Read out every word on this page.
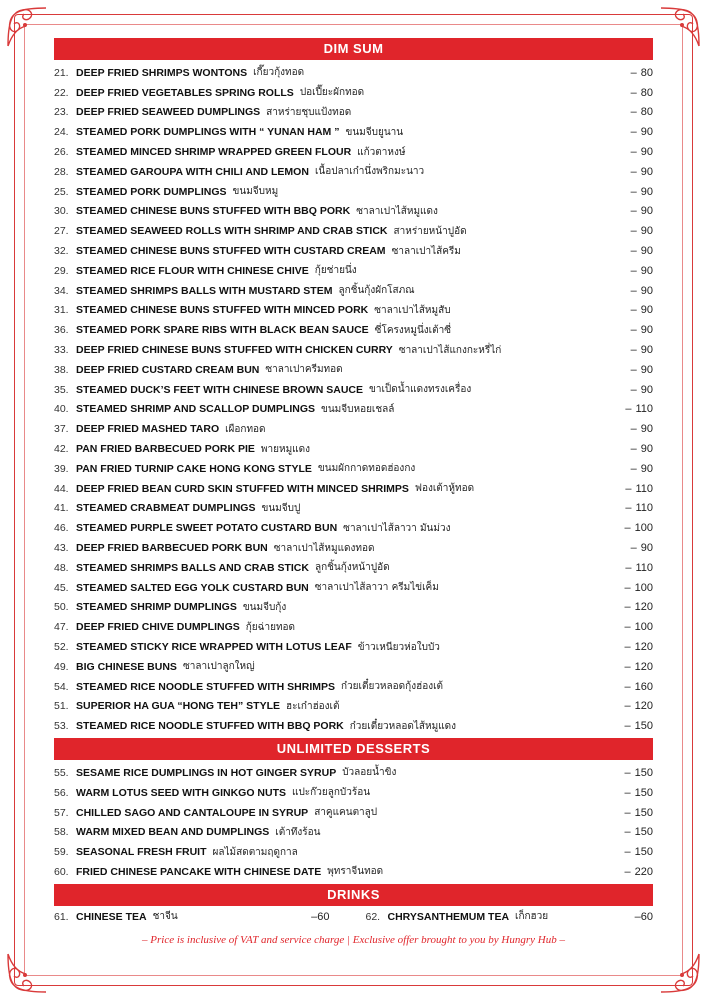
DIM SUM
21. DEEP FRIED SHRIMPS WONTONS เกี๊ยวกุ้งทอด	– 80
22. DEEP FRIED VEGETABLES SPRING ROLLS ปอเปี๊ยะผักทอด	– 80
23. DEEP FRIED SEAWEED DUMPLINGS สาหร่ายชุบแป้งทอด	– 80
24. STEAMED PORK DUMPLINGS WITH “ YUNAN HAM ” ขนมจีบยูนาน	– 90
26. STEAMED MINCED SHRIMP WRAPPED GREEN FLOUR แก้วตาหงษ์	– 90
28. STEAMED GAROUPA WITH CHILI AND LEMON เนื้อปลาเก๋านึ่งพริกมะนาว	– 90
25. STEAMED PORK DUMPLINGS ขนมจีบหมู	– 90
30. STEAMED CHINESE BUNS STUFFED WITH BBQ PORK ซาลาเปาไส้หมูแดง	– 90
27. STEAMED SEAWEED ROLLS WITH SHRIMP AND CRAB STICK สาหร่ายหน้าปูอัด	– 90
32. STEAMED CHINESE BUNS STUFFED WITH CUSTARD CREAM ซาลาเปาไส้ครีม	– 90
29. STEAMED RICE FLOUR WITH CHINESE CHIVE กุ้ยช่ายนึ่ง	– 90
34. STEAMED SHRIMPS BALLS WITH MUSTARD STEM ลูกชิ้นกุ้งผักโสภณ	– 90
31. STEAMED CHINESE BUNS STUFFED WITH MINCED PORK ซาลาเปาไส้หมูสับ	– 90
36. STEAMED PORK SPARE RIBS WITH BLACK BEAN SAUCE ซี่โครงหมูนึ่งเต้าซี่	– 90
33. DEEP FRIED CHINESE BUNS STUFFED WITH CHICKEN CURRY ซาลาเปาไส้แกงกะหรี่ไก่	– 90
38. DEEP FRIED CUSTARD CREAM BUN ซาลาเปาครีมทอด	– 90
35. STEAMED DUCK’S FEET WITH CHINESE BROWN SAUCE ขาเป็ดน้ำแดงทรงเครื่อง	– 90
40. STEAMED SHRIMP AND SCALLOP DUMPLINGS ขนมจีบหอยเชลล์	– 110
37. DEEP FRIED MASHED TARO เผือกทอด	– 90
42. PAN FRIED BARBECUED PORK PIE พายหมูแดง	– 90
39. PAN FRIED TURNIP CAKE HONG KONG STYLE ขนมผักกาดทอดฮ่องกง	– 90
44. DEEP FRIED BEAN CURD SKIN STUFFED WITH MINCED SHRIMPS ฟองเต้าหู้ทอด	– 110
41. STEAMED CRABMEAT DUMPLINGS ขนมจีบปู	– 110
46. STEAMED PURPLE SWEET POTATO CUSTARD BUN ซาลาเปาไส้ลาวา มันม่วง	– 100
43. DEEP FRIED BARBECUED PORK BUN ซาลาเปาไส้หมูแดงทอด	– 90
48. STEAMED SHRIMPS BALLS AND CRAB STICK ลูกชิ้นกุ้งหน้าปูอัด	– 110
45. STEAMED SALTED EGG YOLK CUSTARD BUN ซาลาเปาไส้ลาวา ครีมไข่เค็ม	– 100
50. STEAMED SHRIMP DUMPLINGS ขนมจีบกุ้ง	– 120
47. DEEP FRIED CHIVE DUMPLINGS กุ้ยฉ่ายทอด	– 100
52. STEAMED STICKY RICE WRAPPED WITH LOTUS LEAF ข้าวเหนียวห่อใบบัว	– 120
49. BIG CHINESE BUNS ซาลาเปาลูกใหญ่	– 120
54. STEAMED RICE NOODLE STUFFED WITH SHRIMPS ก๋วยเตี๋ยวหลอดกุ้งฮ่องเต้	– 160
51. SUPERIOR HA GUA “HONG TEH” STYLE ฮะเก๋าฮ่องเต้	– 120
53. STEAMED RICE NOODLE STUFFED WITH BBQ PORK ก๋วยเตี๋ยวหลอดไส้หมูแดง	– 150
UNLIMITED DESSERTS
55. SESAME RICE DUMPLINGS IN HOT GINGER SYRUP บัวลอยน้ำขิง	– 150
56. WARM LOTUS SEED WITH GINKGO NUTS แปะก๊วยลูกบัวร้อน	– 150
57. CHILLED SAGO AND CANTALOUPE IN SYRUP สาคูแคนตาลูป	– 150
58. WARM MIXED BEAN AND DUMPLINGS เต้าทึงร้อน	– 150
59. SEASONAL FRESH FRUIT ผลไม้สดตามฤดูกาล	– 150
60. FRIED CHINESE PANCAKE WITH CHINESE DATE พุทราจีนทอด	– 220
DRINKS
61. CHINESE TEA ชาจีน	–60	62. CHRYSANTHEMUM TEA เก็กฮวย	–60
– Price is inclusive of VAT and service charge | Exclusive offer brought to you by Hungry Hub –
